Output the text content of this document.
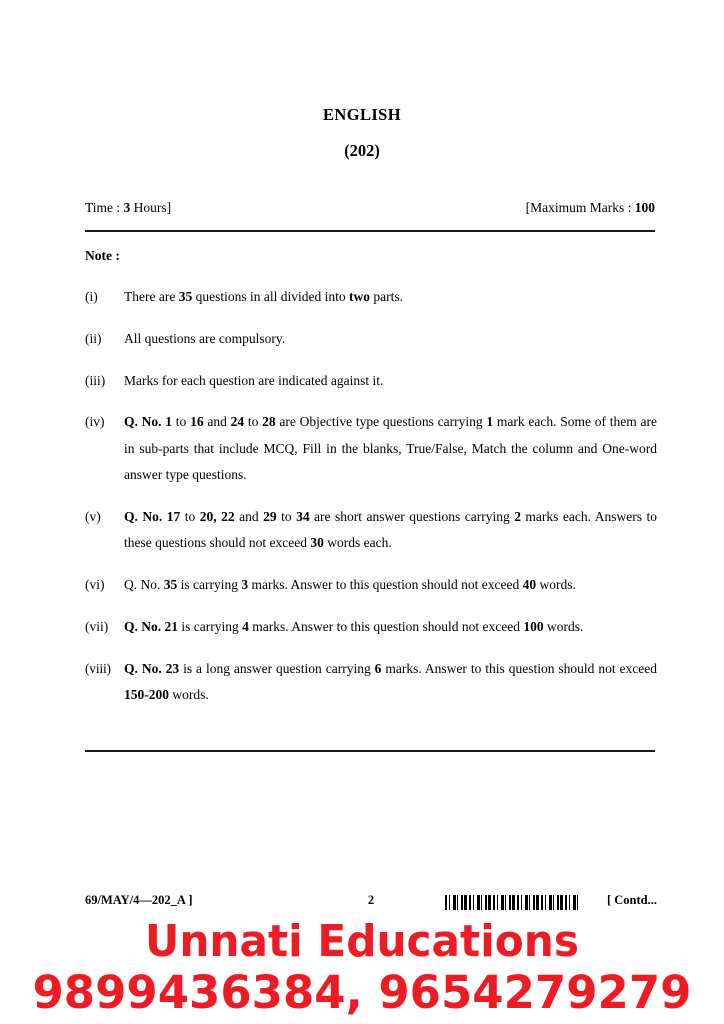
ENGLISH
(202)
Time : 3 Hours]	[Maximum Marks : 100
Note :
(i)	There are 35 questions in all divided into two parts.
(ii)	All questions are compulsory.
(iii)	Marks for each question are indicated against it.
(iv)	Q. No. 1 to 16 and 24 to 28 are Objective type questions carrying 1 mark each. Some of them are in sub-parts that include MCQ, Fill in the blanks, True/False, Match the column and One-word answer type questions.
(v)	Q. No. 17 to 20, 22 and 29 to 34 are short answer questions carrying 2 marks each. Answers to these questions should not exceed 30 words each.
(vi)	Q. No. 35 is carrying 3 marks. Answer to this question should not exceed 40 words.
(vii)	Q. No. 21 is carrying 4 marks. Answer to this question should not exceed 100 words.
(viii) Q. No. 23 is a long answer question carrying 6 marks. Answer to this question should not exceed 150-200 words.
69/MAY/4—202_A ]	2	[ Contd...
Unnati Educations
9899436384, 9654279279
